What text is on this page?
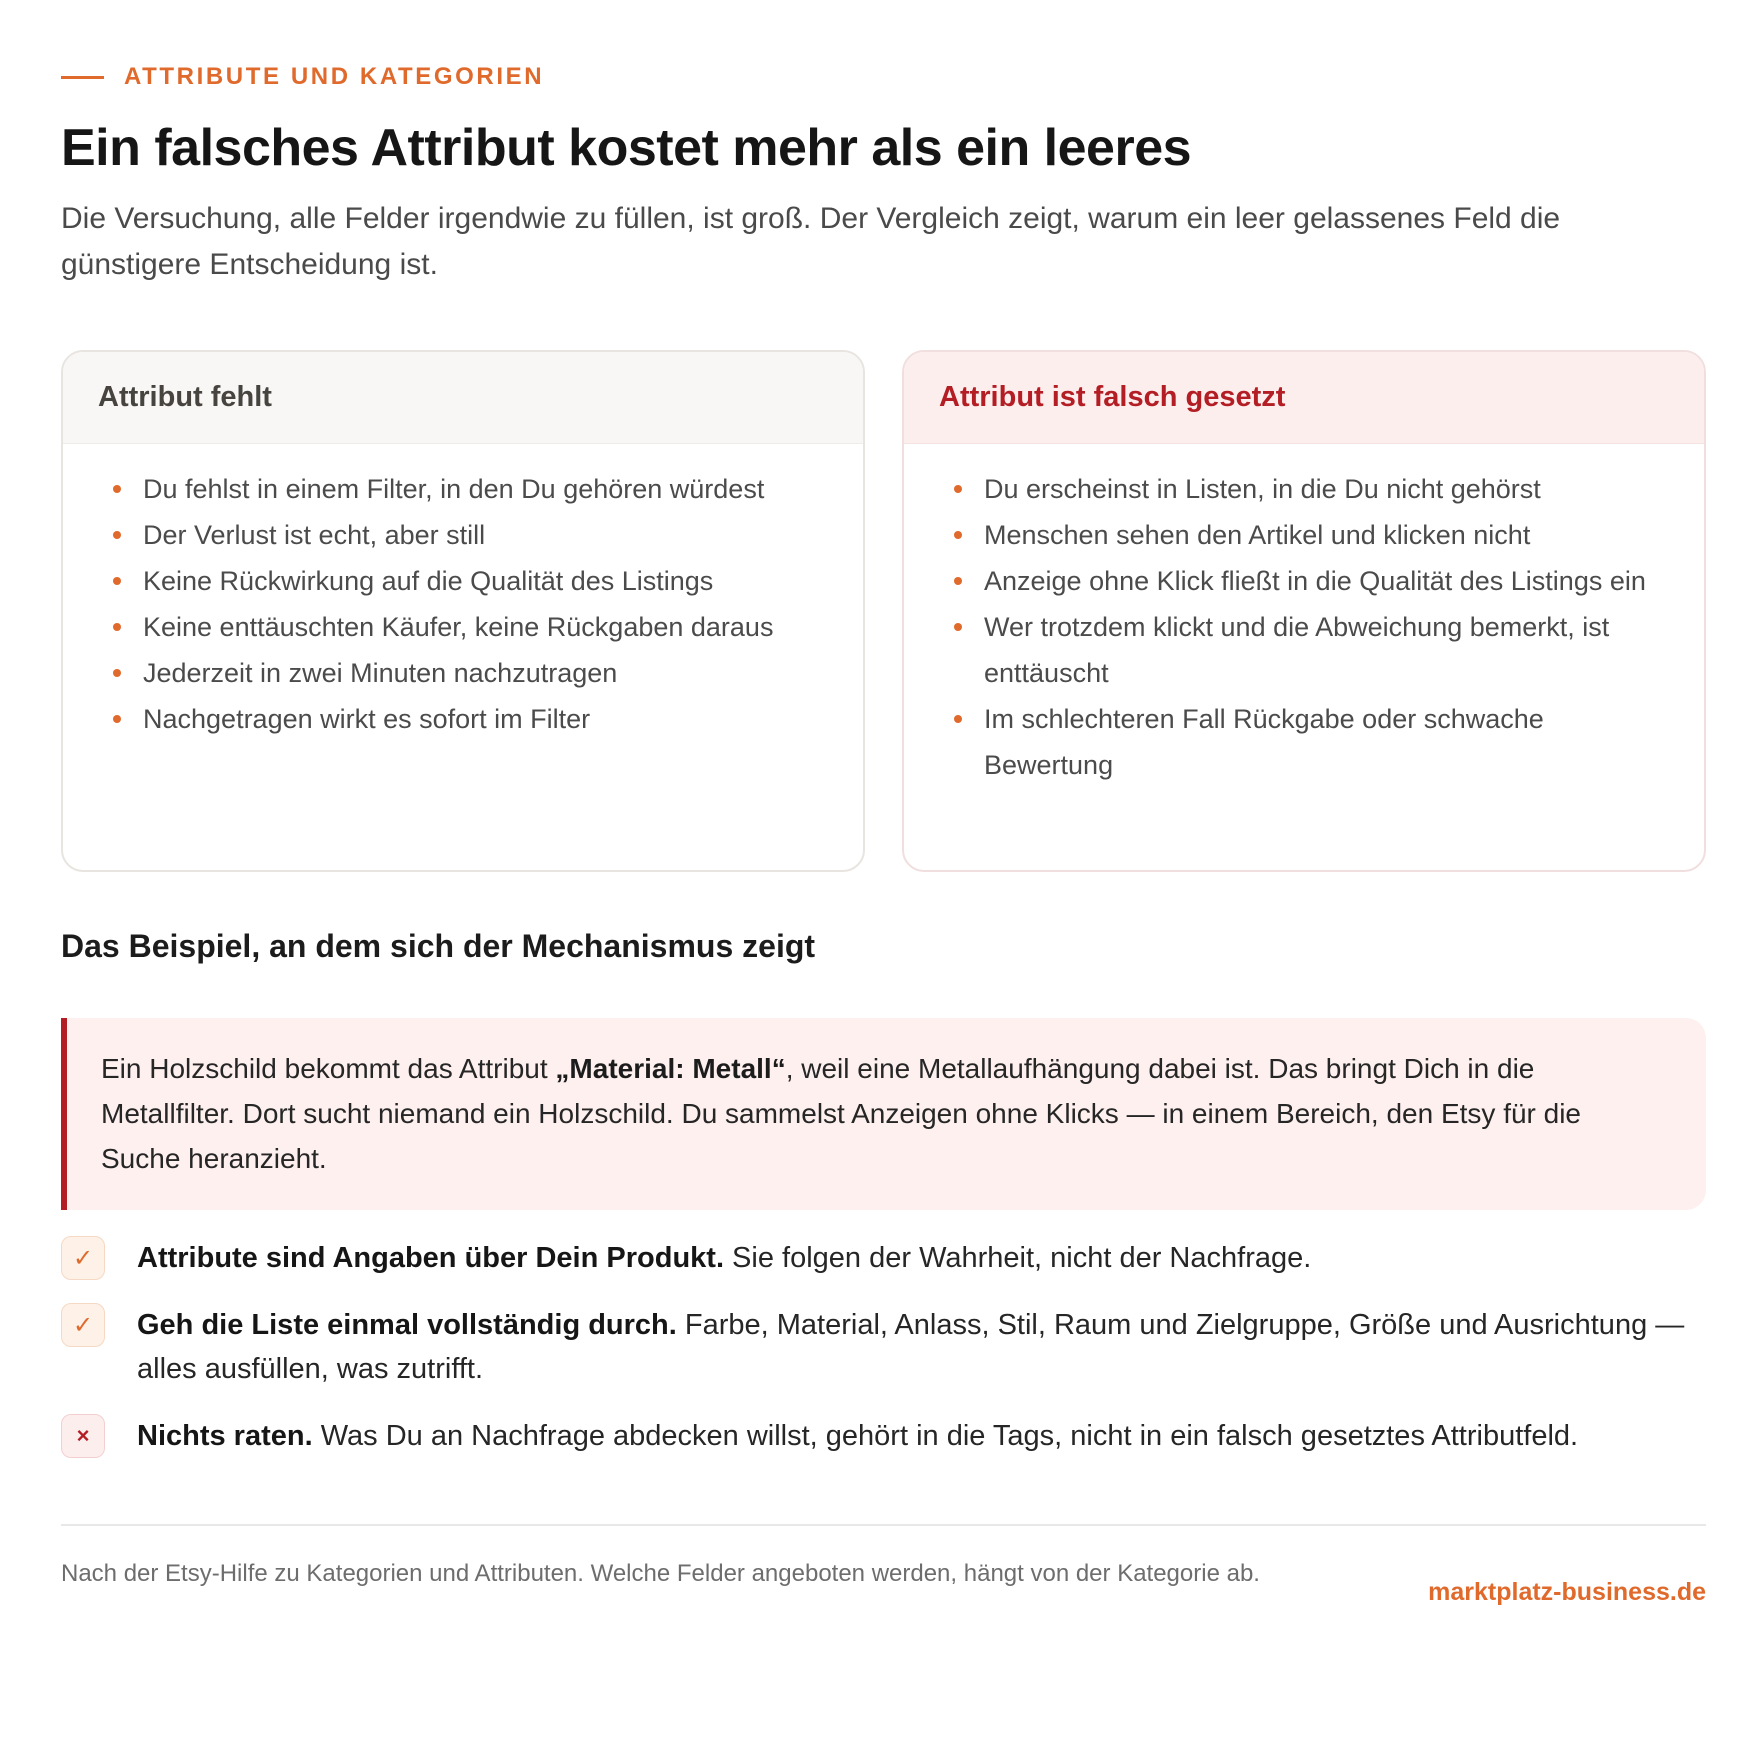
ATTRIBUTE UND KATEGORIEN
Ein falsches Attribut kostet mehr als ein leeres

Die Versuchung, alle Felder irgendwie zu füllen, ist groß. Der Vergleich zeigt, warum ein leer gelassenes Feld die günstigere Entscheidung ist.

Attribut fehlt
Du fehlst in einem Filter, in den Du gehören würdest
Der Verlust ist echt, aber still
Keine Rückwirkung auf die Qualität des Listings
Keine enttäuschten Käufer, keine Rückgaben daraus
Jederzeit in zwei Minuten nachzutragen
Nachgetragen wirkt es sofort im Filter
Attribut ist falsch gesetzt
Du erscheinst in Listen, in die Du nicht gehörst
Menschen sehen den Artikel und klicken nicht
Anzeige ohne Klick fließt in die Qualität des Listings ein
Wer trotzdem klickt und die Abweichung bemerkt, ist enttäuscht
Im schlechteren Fall Rückgabe oder schwache Bewertung
Das Beispiel, an dem sich der Mechanismus zeigt
Ein Holzschild bekommt das Attribut „Material: Metall“, weil eine Metallaufhängung dabei ist. Das bringt Dich in die Metallfilter. Dort sucht niemand ein Holzschild. Du sammelst Anzeigen ohne Klicks — in einem Bereich, den Etsy für die Suche heranzieht.
✓	Attribute sind Angaben über Dein Produkt. Sie folgen der Wahrheit, nicht der Nachfrage.
✓	Geh die Liste einmal vollständig durch. Farbe, Material, Anlass, Stil, Raum und Zielgruppe, Größe und Ausrichtung — alles ausfüllen, was zutrifft.
×	Nichts raten. Was Du an Nachfrage abdecken willst, gehört in die Tags, nicht in ein falsch gesetztes Attributfeld.

Nach der Etsy-Hilfe zu Kategorien und Attributen. Welche Felder angeboten werden, hängt von der Kategorie ab.

marktplatz-business.de
